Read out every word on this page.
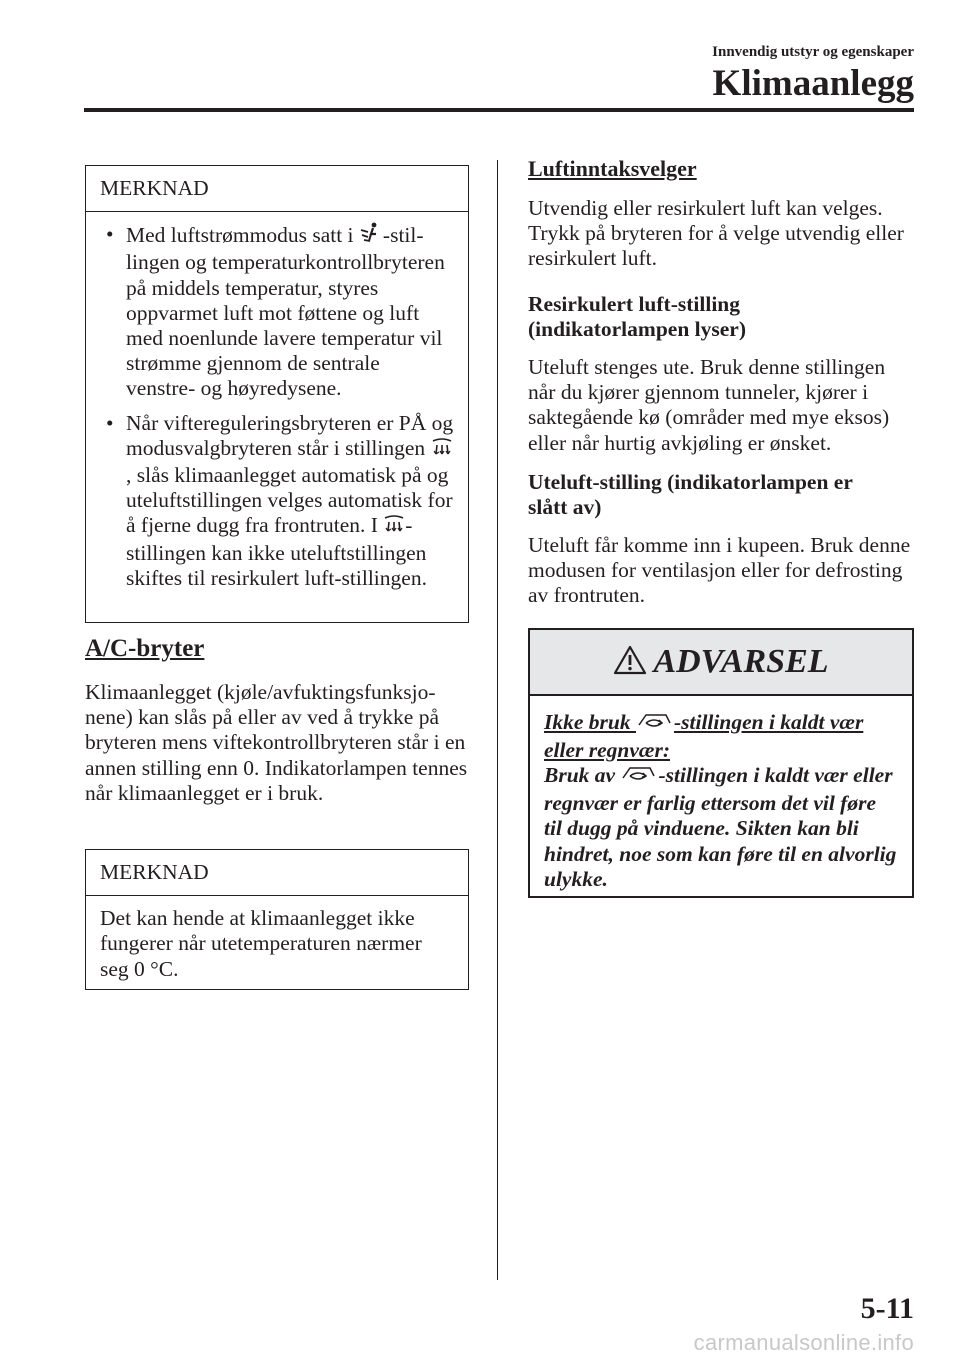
Innvendig utstyr og egenskaper
Klimaanlegg
MERKNAD
• Med luftstrømmodus satt i -stillingen og temperaturkontrollbryteren på middels temperatur, styres oppvarmet luft mot føttene og luft med noenlunde lavere temperatur vil strømme gjennom de sentrale venstre- og høyredysene.
• Når viftereguleringsbryteren er PÅ og modusvalgbryteren står i stillingen , slås klimaanlegget automatisk på og uteluftstillingen velges automatisk for å fjerne dugg fra frontruten. I -stillingen kan ikke uteluftstillingen skiftes til resirkulert luft-stillingen.
A/C-bryter
Klimaanlegget (kjøle/avfuktingsfunksjonene) kan slås på eller av ved å trykke på bryteren mens viftekontrollbryteren står i en annen stilling enn 0. Indikatorlampen tennes når klimaanlegget er i bruk.
MERKNAD
Det kan hende at klimaanlegget ikke fungerer når utetemperaturen nærmer seg 0 °C.
Luftinntaksvelger
Utvendig eller resirkulert luft kan velges. Trykk på bryteren for å velge utvendig eller resirkulert luft.
Resirkulert luft-stilling (indikatorlampen lyser)
Uteluft stenges ute. Bruk denne stillingen når du kjører gjennom tunneler, kjører i saktegående kø (områder med mye eksos) eller når hurtig avkjøling er ønsket.
Uteluft-stilling (indikatorlampen er slått av)
Uteluft får komme inn i kupeen. Bruk denne modusen for ventilasjon eller for defrosting av frontruten.
ADVARSEL
Ikke bruk -stillingen i kaldt vær eller regnvær:
Bruk av -stillingen i kaldt vær eller regnvær er farlig ettersom det vil føre til dugg på vinduene. Sikten kan bli hindret, noe som kan føre til en alvorlig ulykke.
5-11
carmanualsonline.info
